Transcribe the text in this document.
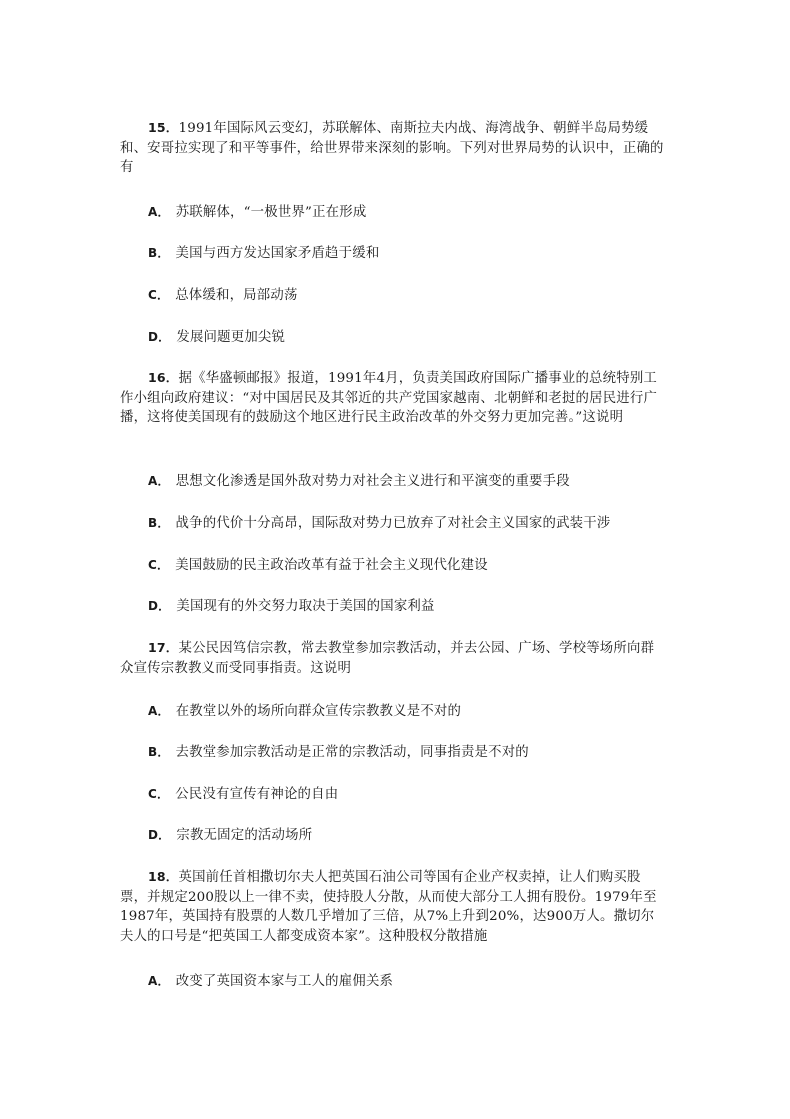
15．1991年国际风云变幻，苏联解体、南斯拉夫内战、海湾战争、朝鲜半岛局势缓和、安哥拉实现了和平等事件，给世界带来深刻的影响。下列对世界局势的认识中，正确的有

A． 苏联解体，“一极世界”正在形成

B． 美国与西方发达国家矛盾趋于缓和

C． 总体缓和，局部动荡

D． 发展问题更加尖锐

16．据《华盛顿邮报》报道，1991年4月，负责美国政府国际广播事业的总统特别工作小组向政府建议：“对中国居民及其邻近的共产党国家越南、北朝鲜和老挝的居民进行广播，这将使美国现有的鼓励这个地区进行民主政治改革的外交努力更加完善。”这说明

A． 思想文化渗透是国外敌对势力对社会主义进行和平演变的重要手段

B． 战争的代价十分高昂，国际敌对势力已放弃了对社会主义国家的武装干涉

C． 美国鼓励的民主政治改革有益于社会主义现代化建设

D． 美国现有的外交努力取决于美国的国家利益

17．某公民因笃信宗教，常去教堂参加宗教活动，并去公园、广场、学校等场所向群众宣传宗教教义而受同事指责。这说明

A． 在教堂以外的场所向群众宣传宗教教义是不对的

B． 去教堂参加宗教活动是正常的宗教活动，同事指责是不对的

C． 公民没有宣传有神论的自由

D． 宗教无固定的活动场所

18．英国前任首相撒切尔夫人把英国石油公司等国有企业产权卖掉，让人们购买股票，并规定200股以上一律不卖，使持股人分散，从而使大部分工人拥有股份。1979年至1987年，英国持有股票的人数几乎增加了三倍，从7%上升到20%，达900万人。撒切尔夫人的口号是“把英国工人都变成资本家”。这种股权分散措施

A． 改变了英国资本家与工人的雇佣关系
